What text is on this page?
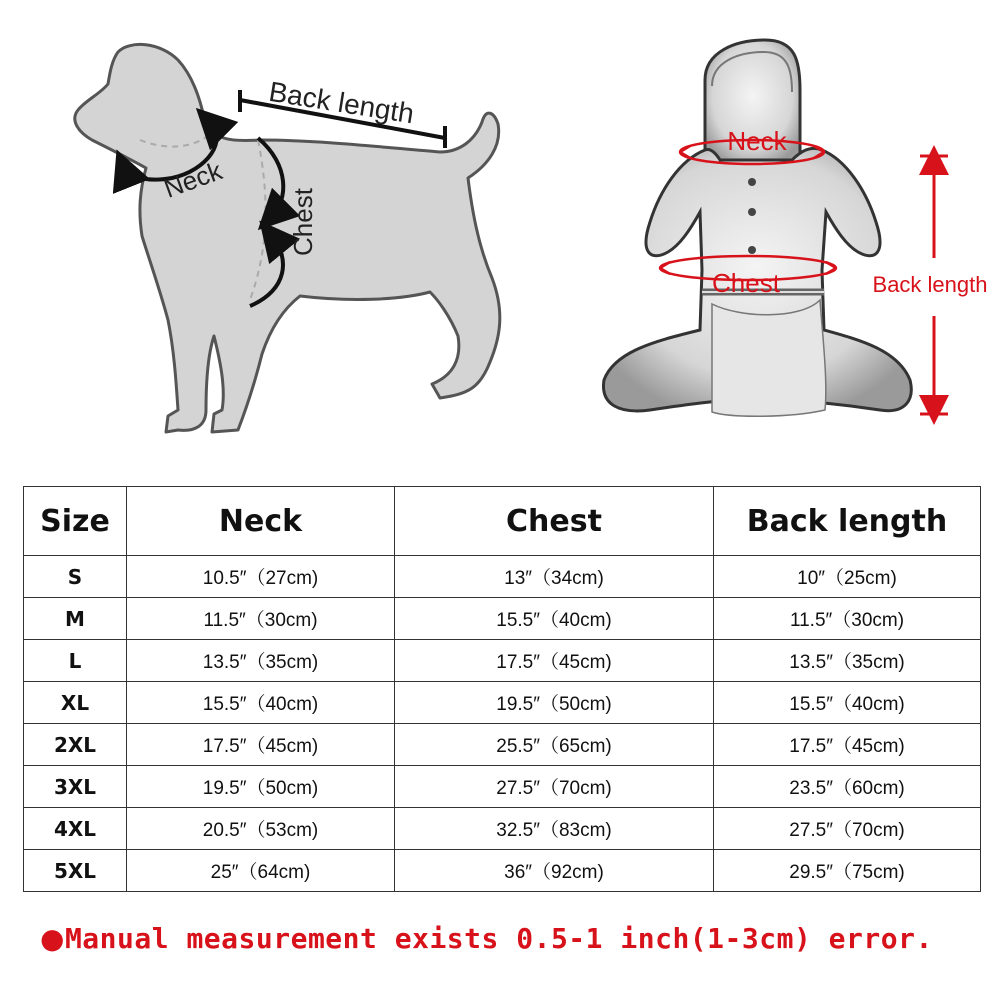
Back length
Neck
Chest
Neck
Chest	Back length
Size	Neck	Chest	Back length
S	10.5″（27cm)	13″（34cm)	10″（25cm)
M	11.5″（30cm)	15.5″（40cm)	11.5″（30cm)
L	13.5″（35cm)	17.5″（45cm)	13.5″（35cm)
XL	15.5″（40cm)	19.5″（50cm)	15.5″（40cm)
2XL	17.5″（45cm)	25.5″（65cm)	17.5″（45cm)
3XL	19.5″（50cm)	27.5″（70cm)	23.5″（60cm)
4XL	20.5″（53cm)	32.5″（83cm)	27.5″（70cm)
5XL	25″（64cm)	36″（92cm)	29.5″（75cm)
●Manual measurement exists 0.5-1 inch(1-3cm) error.
